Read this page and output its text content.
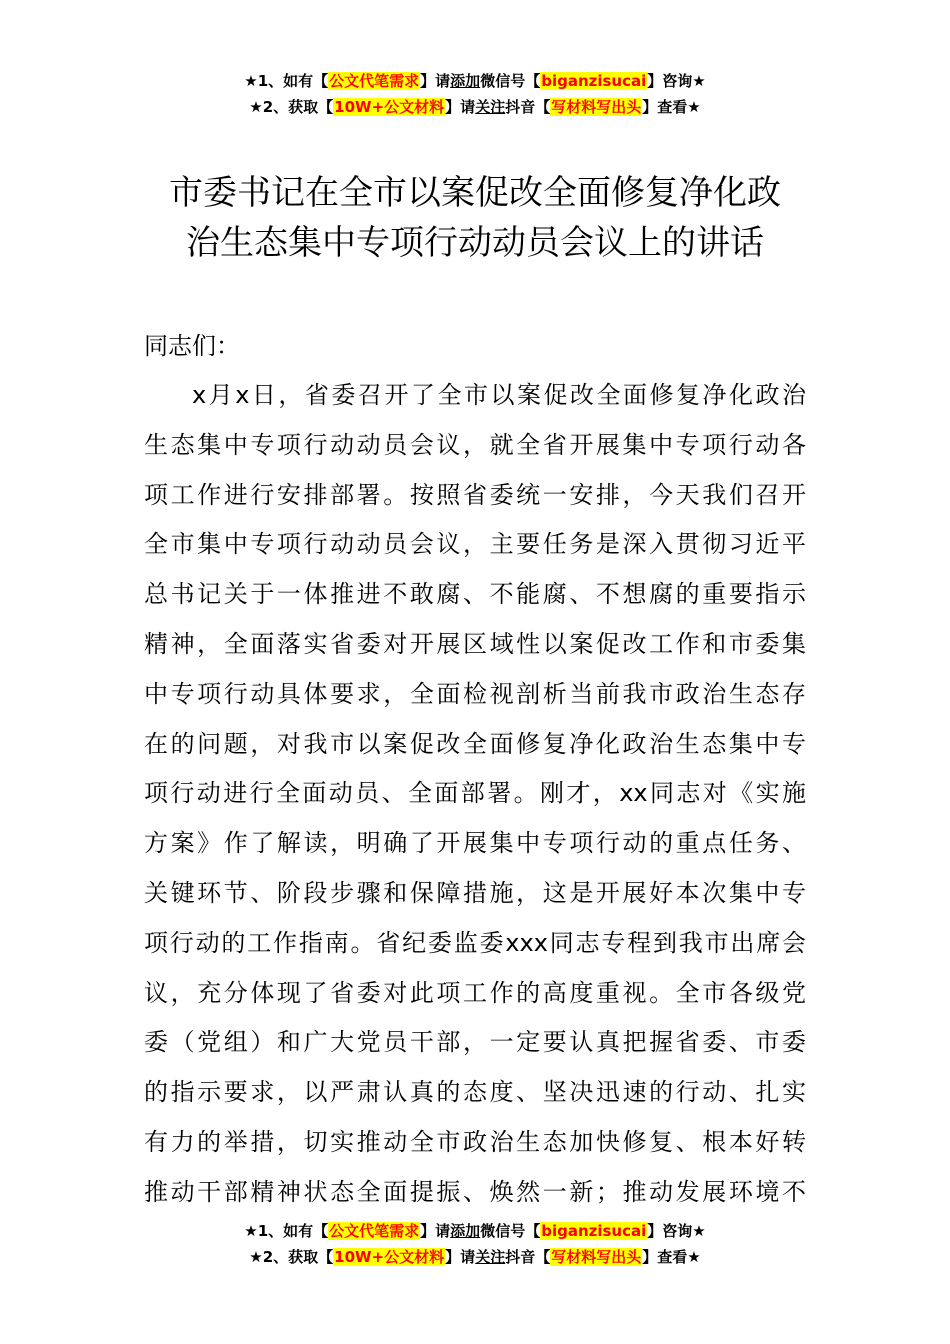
★1、如有【公文代笔需求】请添加微信号【biganzisucai】咨询★
★2、获取【10W+公文材料】请关注抖音【写材料写出头】查看★
市委书记在全市以案促改全面修复净化政
治生态集中专项行动动员会议上的讲话
同志们：
x月x日，省委召开了全市以案促改全面修复净化政治
生态集中专项行动动员会议，就全省开展集中专项行动各
项工作进行安排部署。按照省委统一安排，今天我们召开
全市集中专项行动动员会议，主要任务是深入贯彻习近平
总书记关于一体推进不敢腐、不能腐、不想腐的重要指示
精神，全面落实省委对开展区域性以案促改工作和市委集
中专项行动具体要求，全面检视剖析当前我市政治生态存
在的问题，对我市以案促改全面修复净化政治生态集中专
项行动进行全面动员、全面部署。刚才，xx同志对《实施
方案》作了解读，明确了开展集中专项行动的重点任务、
关键环节、阶段步骤和保障措施，这是开展好本次集中专
项行动的工作指南。省纪委监委xxx同志专程到我市出席会
议，充分体现了省委对此项工作的高度重视。全市各级党
委（党组）和广大党员干部，一定要认真把握省委、市委
的指示要求，以严肃认真的态度、坚决迅速的行动、扎实
有力的举措，切实推动全市政治生态加快修复、根本好转
推动干部精神状态全面提振、焕然一新；推动发展环境不
★1、如有【公文代笔需求】请添加微信号【biganzisucai】咨询★
★2、获取【10W+公文材料】请关注抖音【写材料写出头】查看★
